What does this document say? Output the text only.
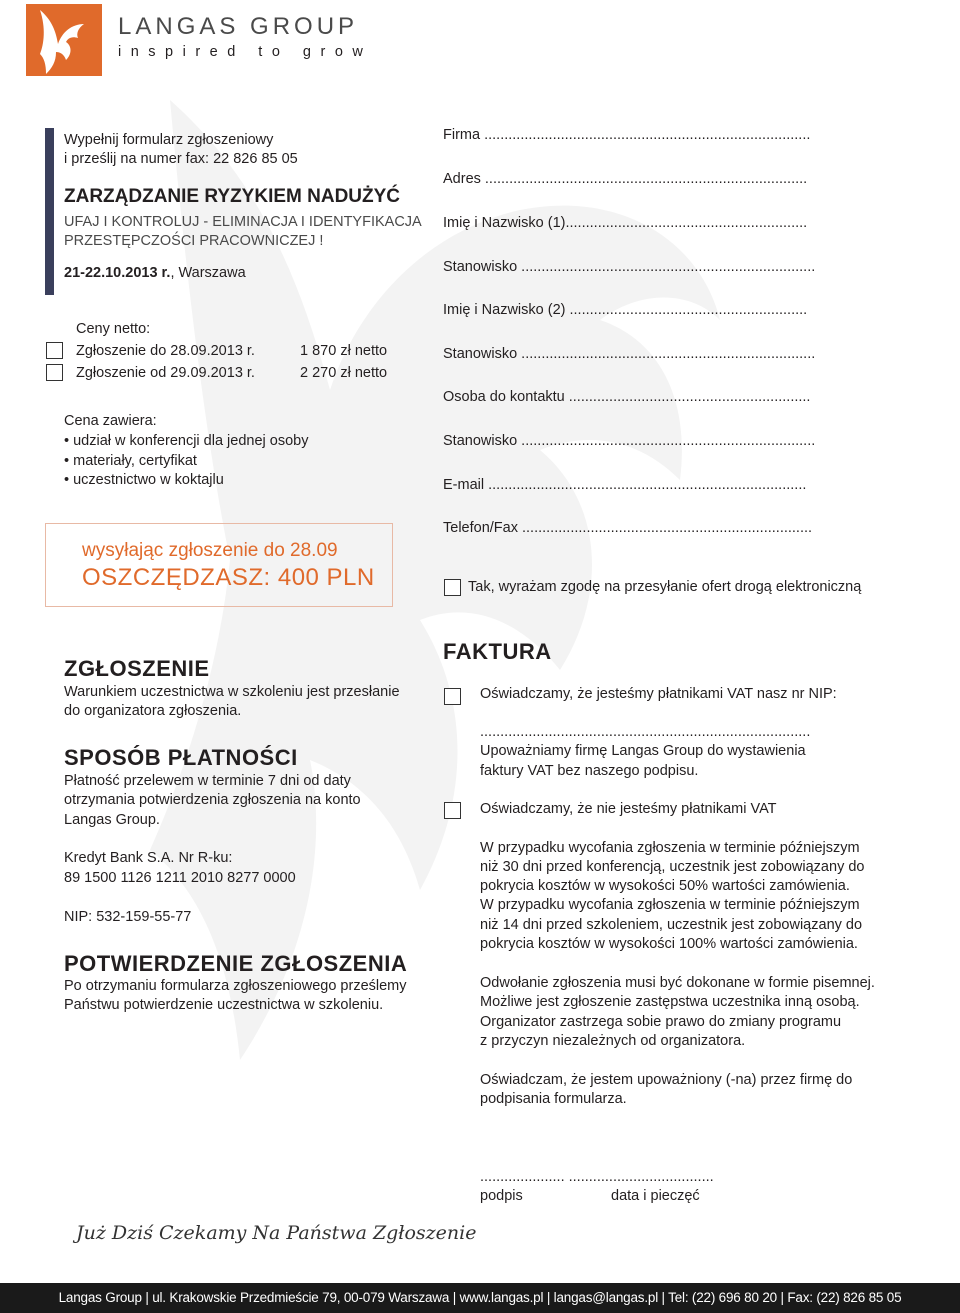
LANGAS GROUP
inspired to grow
Wypełnij formularz zgłoszeniowy
i prześlij na numer fax: 22 826 85 05
ZARZĄDZANIE RYZYKIEM NADUŻYĆ
UFAJ I KONTROLUJ - ELIMINACJA I IDENTYFIKACJA
PRZESTĘPCZOŚCI PRACOWNICZEJ !
21-22.10.2013 r., Warszawa
Ceny netto:
Zgłoszenie do 28.09.2013 r.	1 870 zł netto
Zgłoszenie od 29.09.2013 r.	2 270 zł netto
Cena zawiera:
• udział w konferencji dla jednej osoby
• materiały, certyfikat
• uczestnictwo w koktajlu
wysyłając zgłoszenie do 28.09
OSZCZĘDZASZ: 400 PLN
ZGŁOSZENIE
Warunkiem uczestnictwa w szkoleniu jest przesłanie
do organizatora zgłoszenia.
SPOSÓB PŁATNOŚCI
Płatność przelewem w terminie 7 dni od daty
otrzymania potwierdzenia zgłoszenia na konto
Langas Group.
Kredyt Bank S.A. Nr R-ku:
89 1500 1126 1211 2010 8277 0000
NIP: 532-159-55-77
POTWIERDZENIE ZGŁOSZENIA
Po otrzymaniu formularza zgłoszeniowego prześlemy
Państwu potwierdzenie uczestnictwa w szkoleniu.
Firma .................................................................................
Adres ................................................................................
Imię i Nazwisko (1)............................................................
Stanowisko .........................................................................
Imię i Nazwisko (2) ...........................................................
Stanowisko .........................................................................
Osoba do kontaktu ............................................................
Stanowisko .........................................................................
E-mail ...............................................................................
Telefon/Fax ........................................................................
Tak, wyrażam zgodę na przesyłanie ofert drogą elektroniczną
FAKTURA
Oświadczamy, że jesteśmy płatnikami VAT nasz nr NIP:
..................................................................................
Upoważniamy firmę Langas Group do wystawienia
faktury VAT bez naszego podpisu.
Oświadczamy, że nie jesteśmy płatnikami VAT
W przypadku wycofania zgłoszenia w terminie późniejszym
niż 30 dni przed konferencją, uczestnik jest zobowiązany do
pokrycia kosztów w wysokości 50% wartości zamówienia.
W przypadku wycofania zgłoszenia w terminie późniejszym
niż 14 dni przed szkoleniem, uczestnik jest zobowiązany do
pokrycia kosztów w wysokości 100% wartości zamówienia.
Odwołanie zgłoszenia musi być dokonane w formie pisemnej.
Możliwe jest zgłoszenie zastępstwa uczestnika inną osobą.
Organizator zastrzega sobie prawo do zmiany programu
z przyczyn niezależnych od organizatora.
Oświadczam, że jestem upoważniony (-na) przez firmę do
podpisania formularza.
..................... ....................................
podpis	data i pieczęć
Już Dziś Czekamy Na Państwa Zgłoszenie
Langas Group | ul. Krakowskie Przedmieście 79, 00-079 Warszawa | www.langas.pl | langas@langas.pl | Tel: (22) 696 80 20 | Fax: (22) 826 85 05
